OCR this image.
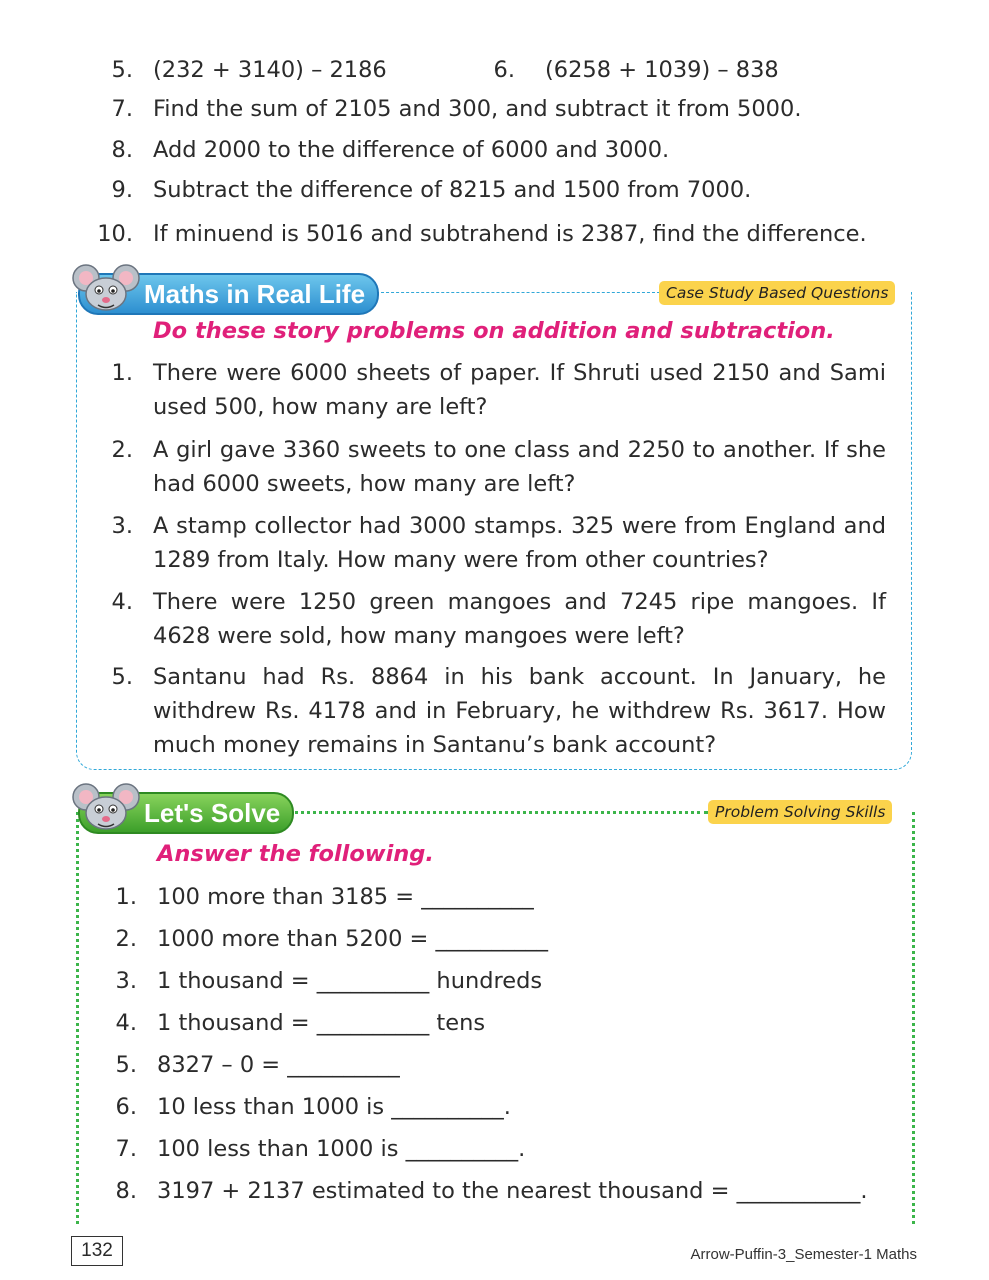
5. (232 + 3140) – 2186	6. (6258 + 1039) – 838
7. Find the sum of 2105 and 300, and subtract it from 5000.
8. Add 2000 to the difference of 6000 and 3000.
9. Subtract the difference of 8215 and 1500 from 7000.
10. If minuend is 5016 and subtrahend is 2387, find the difference.
Maths in Real Life	Case Study Based Questions
Do these story problems on addition and subtraction.
1. There were 6000 sheets of paper. If Shruti used 2150 and Sami used 500, how many are left?
2. A girl gave 3360 sweets to one class and 2250 to another. If she had 6000 sweets, how many are left?
3. A stamp collector had 3000 stamps. 325 were from England and 1289 from Italy. How many were from other countries?
4. There were 1250 green mangoes and 7245 ripe mangoes. If 4628 were sold, how many mangoes were left?
5. Santanu had Rs. 8864 in his bank account. In January, he withdrew Rs. 4178 and in February, he withdrew Rs. 3617. How much money remains in Santanu’s bank account?
Let's Solve	Problem Solving Skills
Answer the following.
1. 100 more than 3185 = __________
2. 1000 more than 5200 = __________
3. 1 thousand = __________ hundreds
4. 1 thousand = __________ tens
5. 8327 – 0 = __________
6. 10 less than 1000 is __________.
7. 100 less than 1000 is __________.
8. 3197 + 2137 estimated to the nearest thousand = ___________.
132	Arrow-Puffin-3_Semester-1 Maths
